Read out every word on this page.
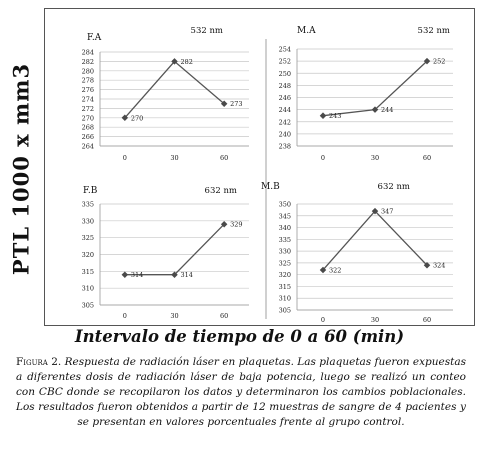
PTL 1000 x mm3	264
266
268
270
272
274
276
278
280
282
284
0	30	60
270
282
273
F.A
532 nm
238
240
242
244
246
248
250
252
254
0	30	60
243
244
252
M.A	532 nm
305
310
315
320
325
330
335
0	30	60
314	314
329
F.B	632 nm
305
310
315
320
325
330
335
340
345
350
0	30	60
322
347
324
M.B	632 nm
Intervalo de tiempo de 0 a 60 (min)
Figura 2. Respuesta de radiación láser en plaquetas. Las plaquetas fueron expuestas a diferentes dosis de radiación láser de baja potencia, luego se realizó un conteo con CBC donde se recopilaron los datos y determinaron los cambios poblacionales. Los resultados fueron obtenidos a partir de 12 muestras de sangre de 4 pacientes y se presentan en valores porcentuales frente al grupo control.
